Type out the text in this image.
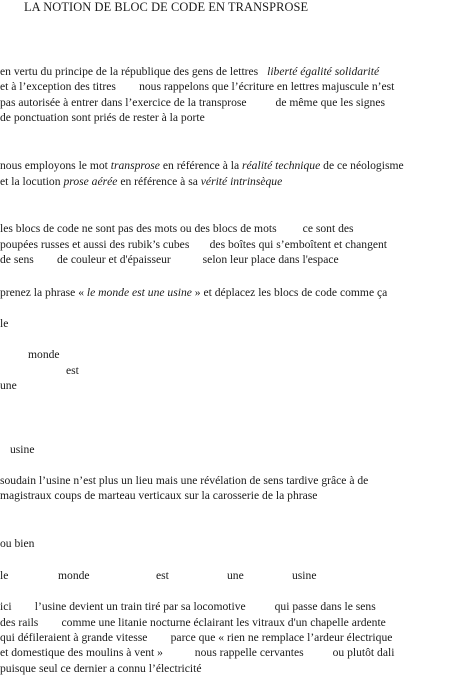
LA NOTION DE BLOC DE CODE EN TRANSPROSE
en vertu du principe de la république des gens de lettres liberté égalité solidarité
et à l’exception des titres        nous rappelons que l’écriture en lettres majuscule n’est
pas autorisée à entrer dans l’exercice de la transprose          de même que les signes
de ponctuation sont priés de rester à la porte
nous employons le mot transprose en référence à la réalité technique de ce néologisme
et la locution prose aérée en référence à sa vérité intrinsèque
les blocs de code ne sont pas des mots ou des blocs de mots         ce sont des
poupées russes et aussi des rubik’s cubes       des boîtes qui s’emboîtent et changent
de sens        de couleur et d'épaisseur           selon leur place dans l'espace
prenez la phrase « le monde est une usine » et déplacez les blocs de code comme ça
le
monde
est
une
usine
soudain l’usine n’est plus un lieu mais une révélation de sens tardive grâce à de
magistraux coups de marteau verticaux sur la carosserie de la phrase
ou bien
le	monde	est	une	usine
ici        l’usine devient un train tiré par sa locomotive          qui passe dans le sens
des rails        comme une litanie nocturne éclairant les vitraux d'un chapelle ardente
qui défileraient à grande vitesse        parce que « rien ne remplace l’ardeur électrique
et domestique des moulins à vent »           nous rappelle cervantes          ou plutôt dali
puisque seul ce dernier a connu l’électricité
